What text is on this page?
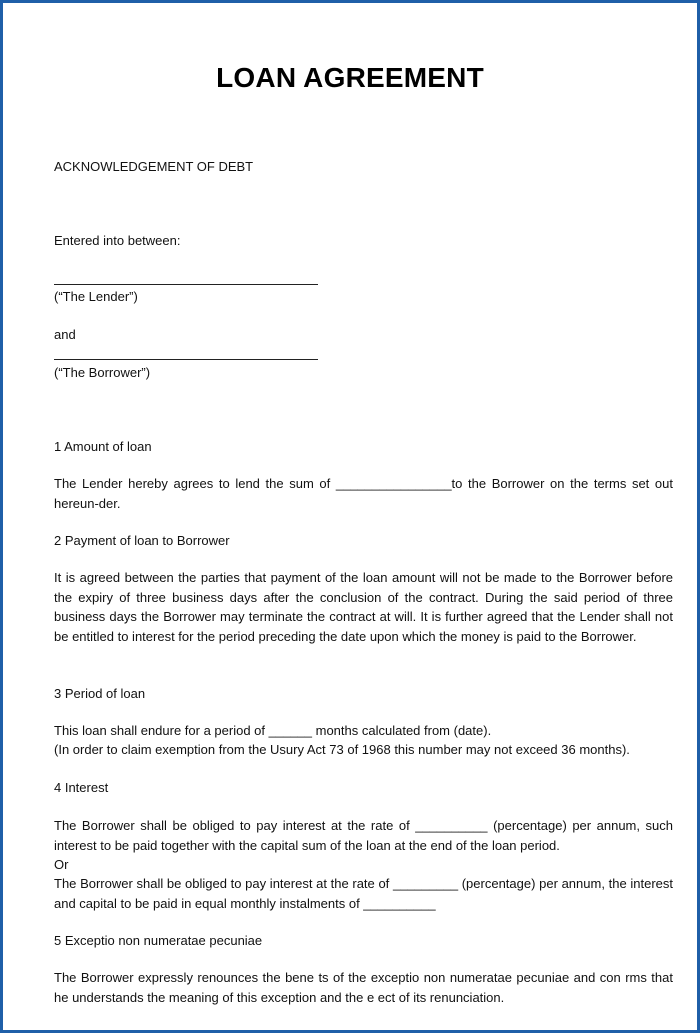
LOAN AGREEMENT
ACKNOWLEDGEMENT OF DEBT
Entered into between:
(“The Lender”)
and
(“The Borrower”)
1 Amount of loan
The Lender hereby agrees to lend the sum of ________________to the Borrower on the terms set out hereun-der.
2 Payment of loan to Borrower
It is agreed between the parties that payment of the loan amount will not be made to the Borrower before the expiry of three business days after the conclusion of the contract. During the said period of three business days the Borrower may terminate the contract at will. It is further agreed that the Lender shall not be entitled to interest for the period preceding the date upon which the money is paid to the Borrower.
3 Period of loan
This loan shall endure for a period of ______ months calculated from (date).
(In order to claim exemption from the Usury Act 73 of 1968 this number may not exceed 36 months).
4 Interest
The Borrower shall be obliged to pay interest at the rate of __________ (percentage) per annum, such interest to be paid together with the capital sum of the loan at the end of the loan period.
Or
The Borrower shall be obliged to pay interest at the rate of _________ (percentage) per annum, the interest and capital to be paid in equal monthly instalments of __________
5 Exceptio non numeratae pecuniae
The Borrower expressly renounces the bene ts of the exceptio non numeratae pecuniae and con rms that he understands the meaning of this exception and the e ect of its renunciation.
